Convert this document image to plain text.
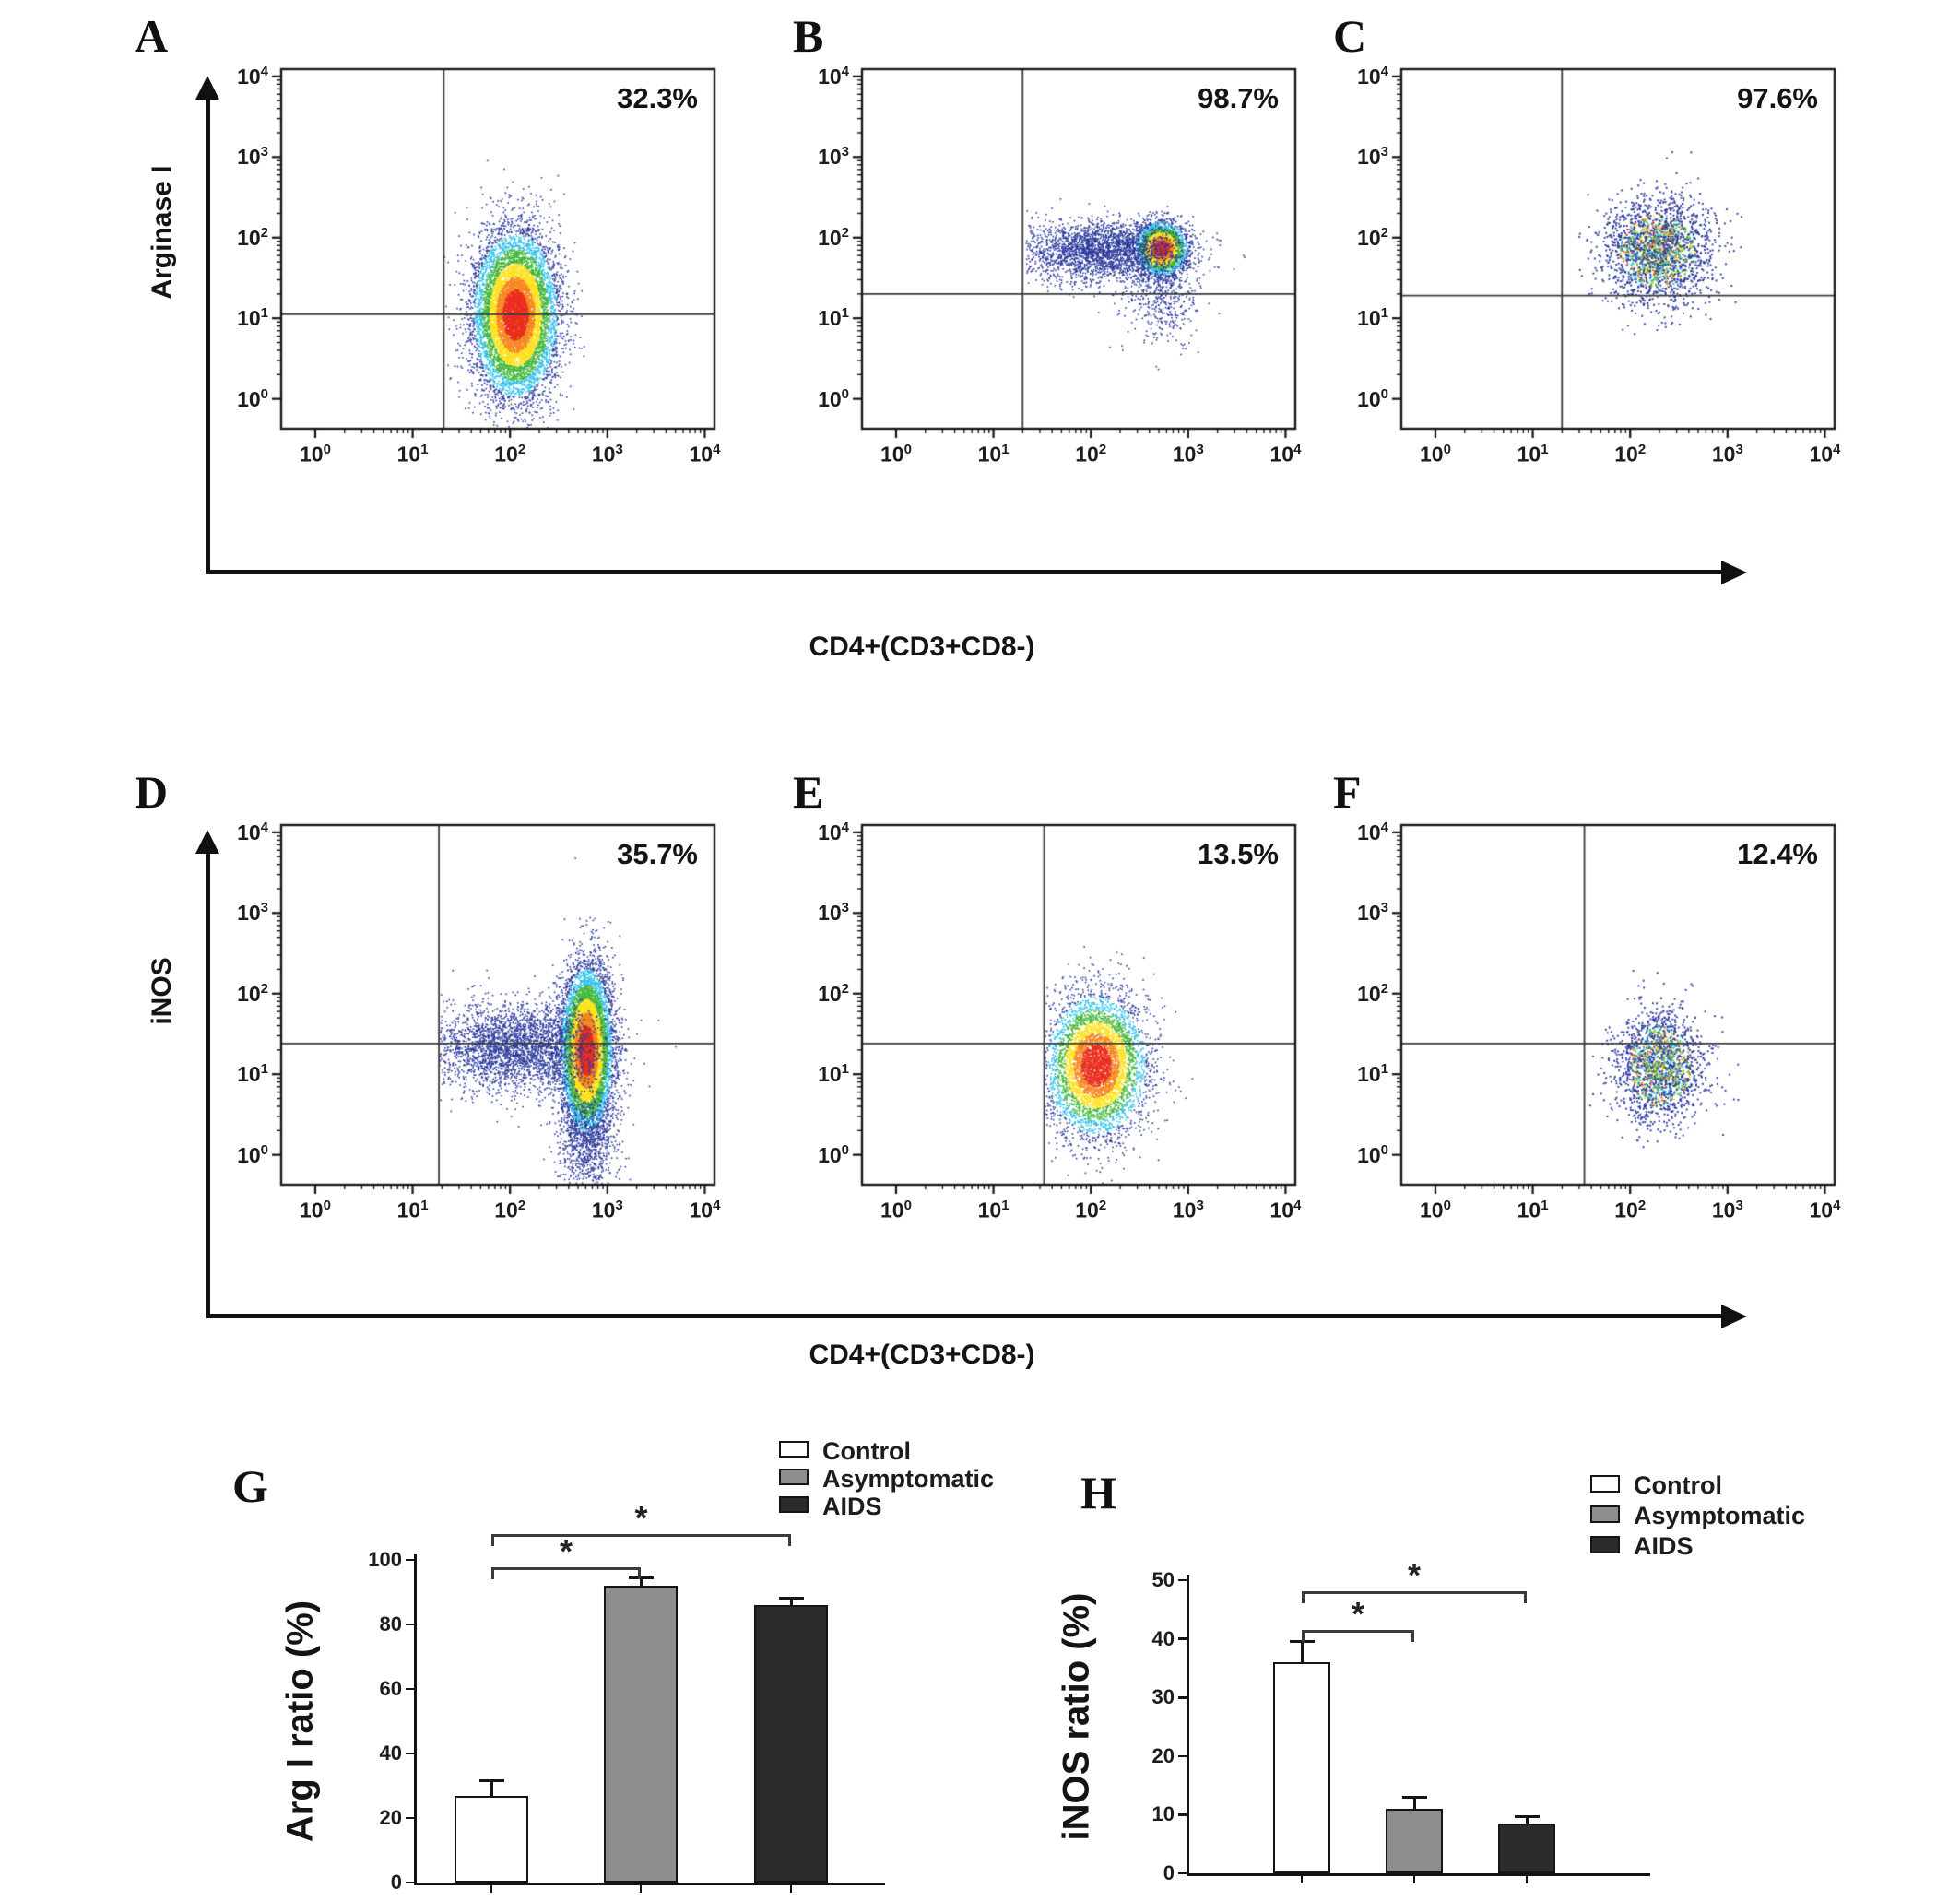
Arginase I
CD4+(CD3+CD8-)
A
32.3%
$10^0$
$10^0$
$10^1$
$10^1$
$10^2$
$10^2$
$10^3$
$10^3$
$10^4$
$10^4$
B
98.7%
$10^0$
$10^0$
$10^1$
$10^1$
$10^2$
$10^2$
$10^3$
$10^3$
$10^4$
$10^4$
C
97.6%
$10^0$
$10^0$
$10^1$
$10^1$
$10^2$
$10^2$
$10^3$
$10^3$
$10^4$
$10^4$
iNOS
CD4+(CD3+CD8-)
D
35.7%
$10^0$
$10^0$
$10^1$
$10^1$
$10^2$
$10^2$
$10^3$
$10^3$
$10^4$
$10^4$
E
13.5%
$10^0$
$10^0$
$10^1$
$10^1$
$10^2$
$10^2$
$10^3$
$10^3$
$10^4$
$10^4$
F
12.4%
$10^0$
$10^0$
$10^1$
$10^1$
$10^2$
$10^2$
$10^3$
$10^3$
$10^4$
$10^4$
G
Arg I ratio (%)
0
20
40
60
80
100	*
*
Control
Asymptomatic
AIDS	H
iNOS ratio (%)
0
10
20
30
40
50
*
*
Control
Asymptomatic
AIDS
